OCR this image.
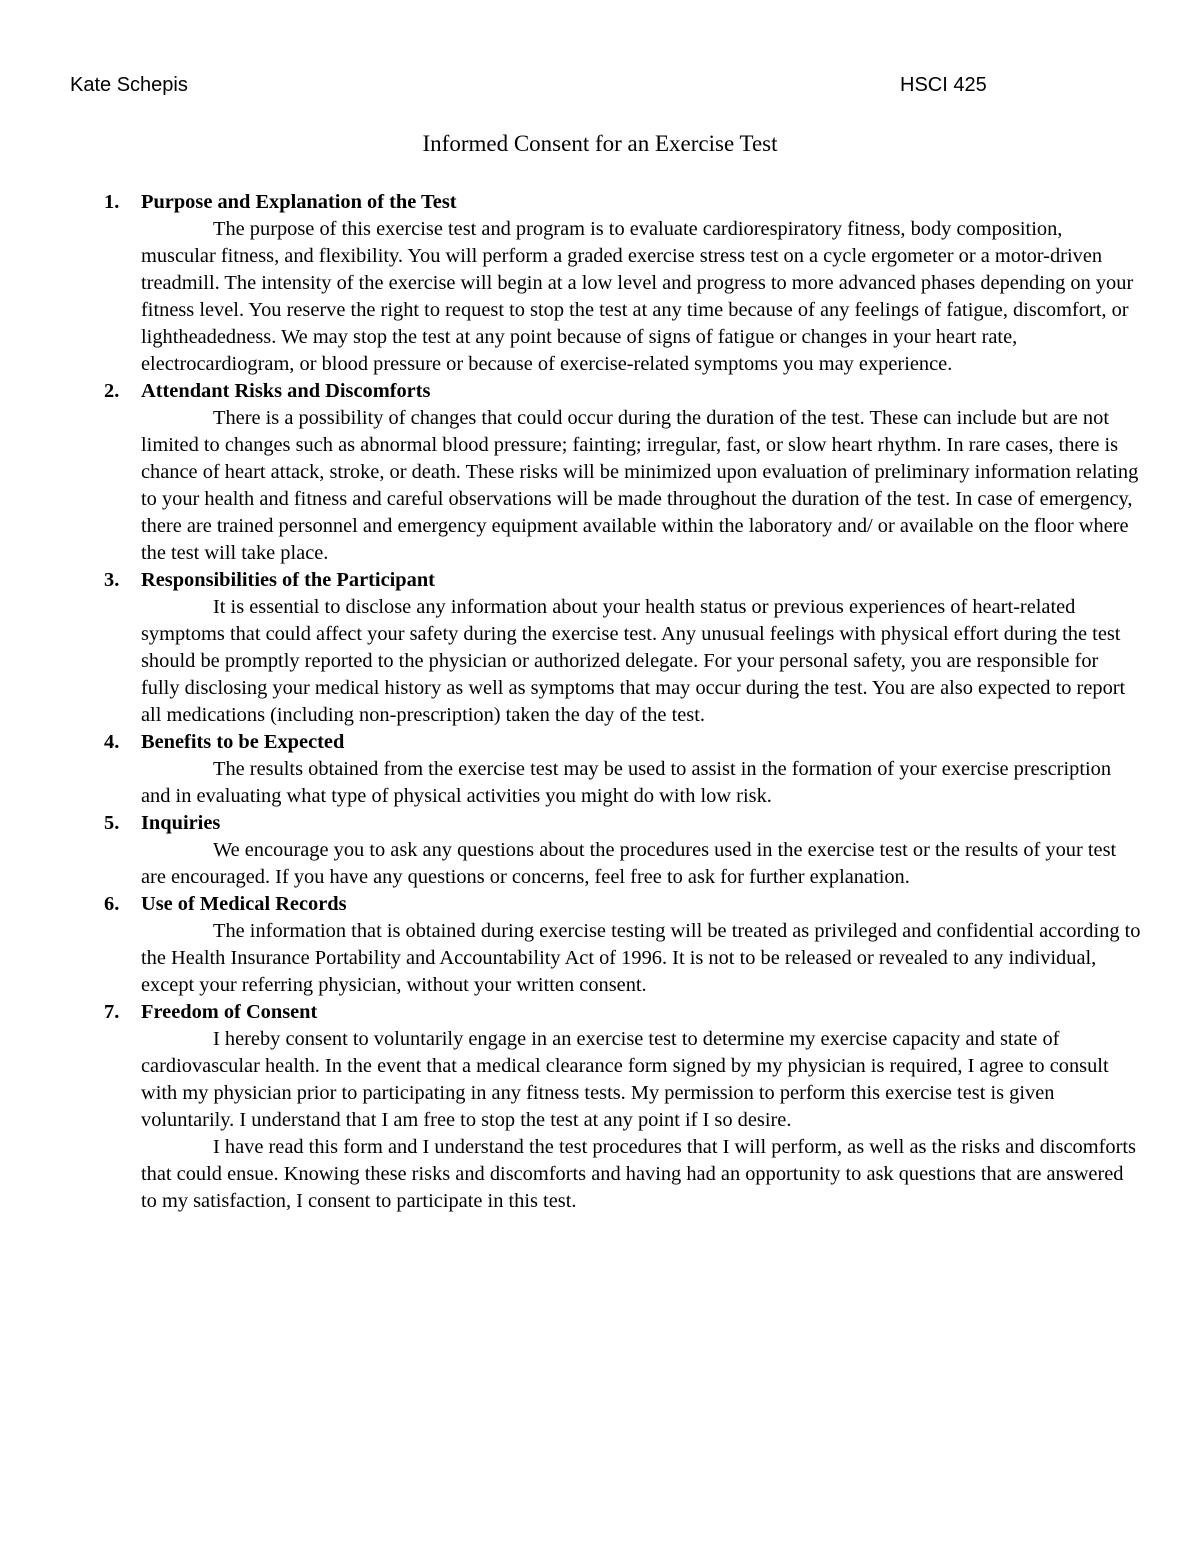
Kate Schepis	HSCI 425
Informed Consent for an Exercise Test
1. Purpose and Explanation of the Test

The purpose of this exercise test and program is to evaluate cardiorespiratory fitness, body composition, muscular fitness, and flexibility. You will perform a graded exercise stress test on a cycle ergometer or a motor-driven treadmill. The intensity of the exercise will begin at a low level and progress to more advanced phases depending on your fitness level. You reserve the right to request to stop the test at any time because of any feelings of fatigue, discomfort, or lightheadedness. We may stop the test at any point because of signs of fatigue or changes in your heart rate, electrocardiogram, or blood pressure or because of exercise-related symptoms you may experience.

2. Attendant Risks and Discomforts

There is a possibility of changes that could occur during the duration of the test. These can include but are not limited to changes such as abnormal blood pressure; fainting; irregular, fast, or slow heart rhythm. In rare cases, there is chance of heart attack, stroke, or death. These risks will be minimized upon evaluation of preliminary information relating to your health and fitness and careful observations will be made throughout the duration of the test. In case of emergency, there are trained personnel and emergency equipment available within the laboratory and/ or available on the floor where the test will take place.

3. Responsibilities of the Participant

It is essential to disclose any information about your health status or previous experiences of heart-related symptoms that could affect your safety during the exercise test. Any unusual feelings with physical effort during the test should be promptly reported to the physician or authorized delegate. For your personal safety, you are responsible for fully disclosing your medical history as well as symptoms that may occur during the test. You are also expected to report all medications (including non-prescription) taken the day of the test.

4. Benefits to be Expected

The results obtained from the exercise test may be used to assist in the formation of your exercise prescription and in evaluating what type of physical activities you might do with low risk.

5. Inquiries

We encourage you to ask any questions about the procedures used in the exercise test or the results of your test are encouraged. If you have any questions or concerns, feel free to ask for further explanation.

6. Use of Medical Records

The information that is obtained during exercise testing will be treated as privileged and confidential according to the Health Insurance Portability and Accountability Act of 1996. It is not to be released or revealed to any individual, except your referring physician, without your written consent.

7. Freedom of Consent

I hereby consent to voluntarily engage in an exercise test to determine my exercise capacity and state of cardiovascular health. In the event that a medical clearance form signed by my physician is required, I agree to consult with my physician prior to participating in any fitness tests. My permission to perform this exercise test is given voluntarily. I understand that I am free to stop the test at any point if I so desire.

I have read this form and I understand the test procedures that I will perform, as well as the risks and discomforts that could ensue. Knowing these risks and discomforts and having had an opportunity to ask questions that are answered to my satisfaction, I consent to participate in this test.
